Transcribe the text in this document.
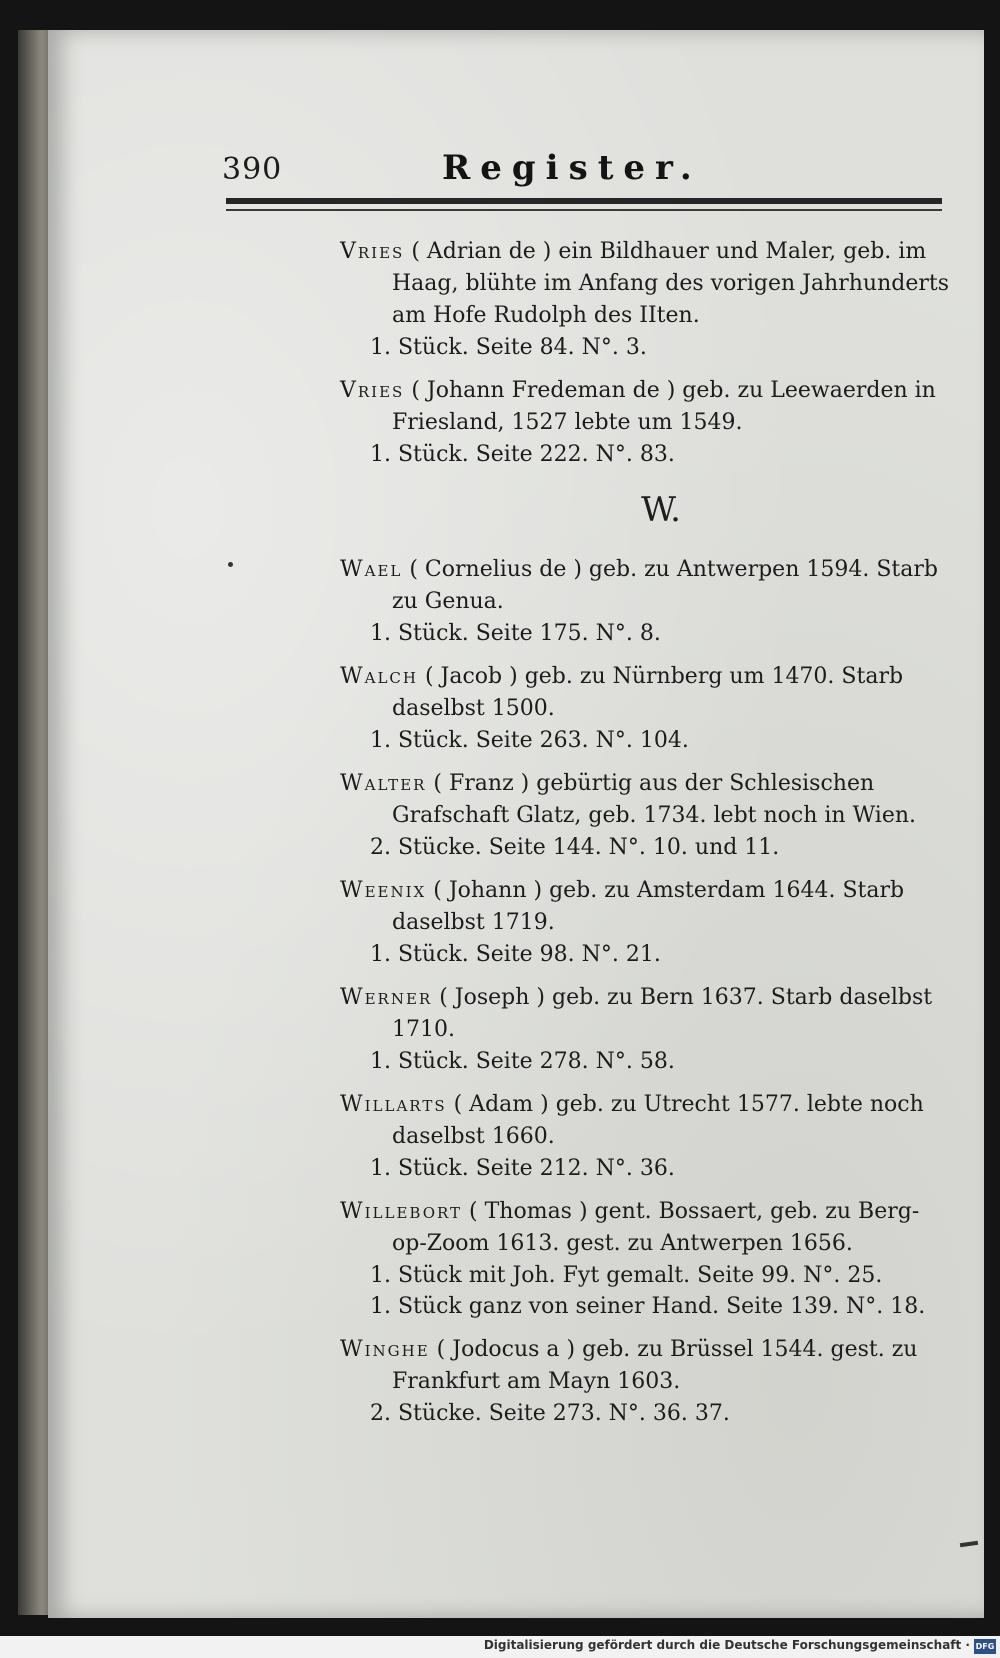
390	Register.
Vries ( Adrian de ) ein Bildhauer und Maler, geb. im Haag, blühte im Anfang des vorigen Jahrhunderts am Hofe Rudolph des IIten.
1. Stück. Seite 84. N°. 3.
Vries ( Johann Fredeman de ) geb. zu Leewaerden in Friesland, 1527 lebte um 1549.
1. Stück. Seite 222. N°. 83.
W.
Wael ( Cornelius de ) geb. zu Antwerpen 1594. Starb zu Genua.
1. Stück. Seite 175. N°. 8.
Walch ( Jacob ) geb. zu Nürnberg um 1470. Starb daselbst 1500.
1. Stück. Seite 263. N°. 104.
Walter ( Franz ) gebürtig aus der Schlesischen Grafschaft Glatz, geb. 1734. lebt noch in Wien.
2. Stücke. Seite 144. N°. 10. und 11.
Weenix ( Johann ) geb. zu Amsterdam 1644. Starb daselbst 1719.
1. Stück. Seite 98. N°. 21.
Werner ( Joseph ) geb. zu Bern 1637. Starb daselbst 1710.
1. Stück. Seite 278. N°. 58.
Willarts ( Adam ) geb. zu Utrecht 1577. lebte noch daselbst 1660.
1. Stück. Seite 212. N°. 36.
Willebort ( Thomas ) gent. Bossaert, geb. zu Berg-op-Zoom 1613. gest. zu Antwerpen 1656.
1. Stück mit Joh. Fyt gemalt. Seite 99. N°. 25.
1. Stück ganz von seiner Hand. Seite 139. N°. 18.
Winghe ( Jodocus a ) geb. zu Brüssel 1544. gest. zu Frankfurt am Mayn 1603.
2. Stücke. Seite 273. N°. 36. 37.
Digitalisierung gefördert durch die Deutsche Forschungsgemeinschaft · DFG
